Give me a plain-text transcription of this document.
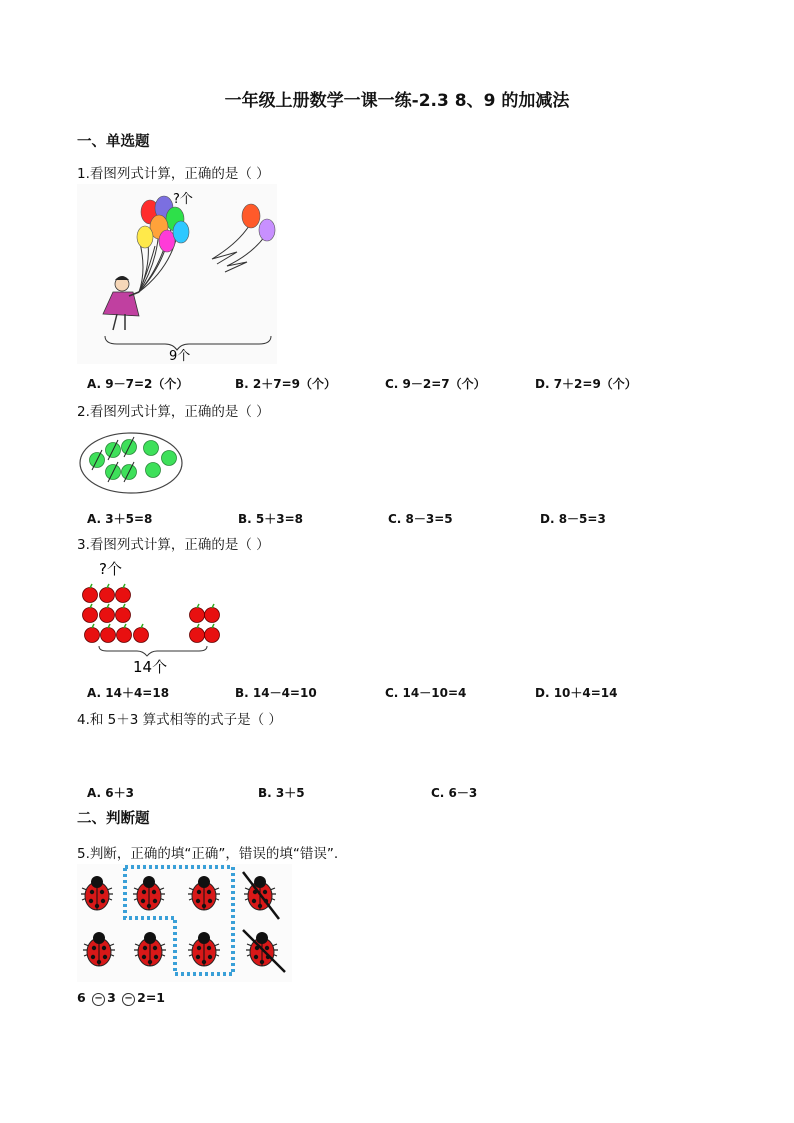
一年级上册数学一课一练-2.3 8、9 的加减法
一、单选题
1.看图列式计算，正确的是（ ）
?个
9个
A. 9－7=2（个）	B. 2＋7=9（个）	C. 9－2=7（个）	D. 7＋2=9（个）
2.看图列式计算，正确的是（ ）
A. 3＋5=8	B. 5＋3=8	C. 8－3=5	D. 8－5=3
3.看图列式计算，正确的是（ ）
?个
14个
A. 14＋4=18	B. 14－4=10	C. 14－10=4	D. 10＋4=14
4.和 5＋3 算式相等的式子是（ ）
A. 6＋3	B. 3＋5	C. 6－3
二、判断题
5.判断，正确的填“正确”，错误的填“错误”.
6 − 3 − 2=1
